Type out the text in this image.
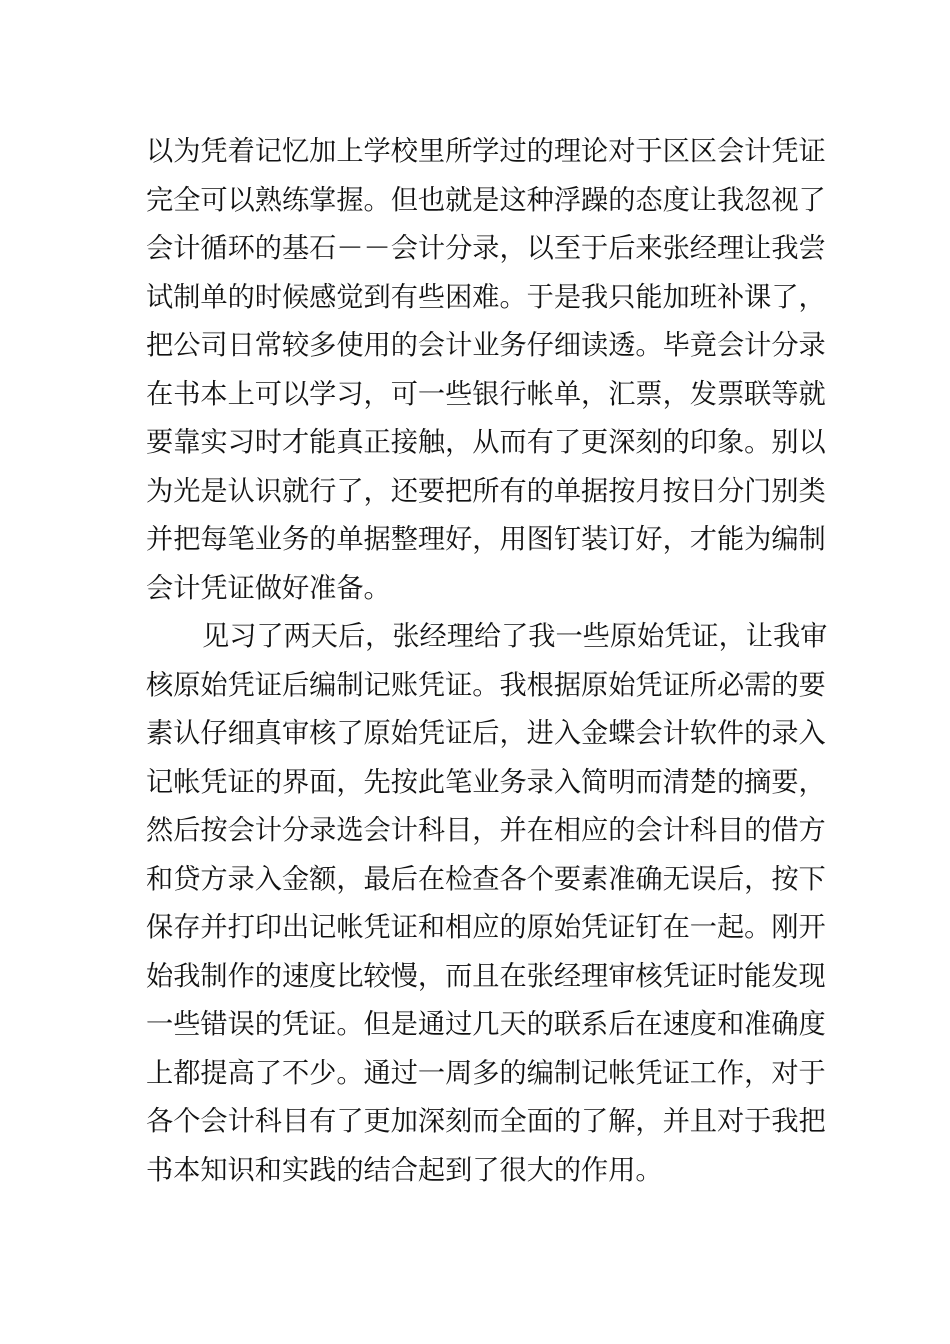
以为凭着记忆加上学校里所学过的理论对于区区会计凭证
完全可以熟练掌握。但也就是这种浮躁的态度让我忽视了
会计循环的基石－－会计分录，以至于后来张经理让我尝
试制单的时候感觉到有些困难。于是我只能加班补课了，
把公司日常较多使用的会计业务仔细读透。毕竟会计分录
在书本上可以学习，可一些银行帐单，汇票，发票联等就
要靠实习时才能真正接触，从而有了更深刻的印象。别以
为光是认识就行了，还要把所有的单据按月按日分门别类
并把每笔业务的单据整理好，用图钉装订好，才能为编制
会计凭证做好准备。
见习了两天后，张经理给了我一些原始凭证，让我审
核原始凭证后编制记账凭证。我根据原始凭证所必需的要
素认仔细真审核了原始凭证后，进入金蝶会计软件的录入
记帐凭证的界面，先按此笔业务录入简明而清楚的摘要，
然后按会计分录选会计科目，并在相应的会计科目的借方
和贷方录入金额，最后在检查各个要素准确无误后，按下
保存并打印出记帐凭证和相应的原始凭证钉在一起。刚开
始我制作的速度比较慢，而且在张经理审核凭证时能发现
一些错误的凭证。但是通过几天的联系后在速度和准确度
上都提高了不少。通过一周多的编制记帐凭证工作，对于
各个会计科目有了更加深刻而全面的了解，并且对于我把
书本知识和实践的结合起到了很大的作用。
